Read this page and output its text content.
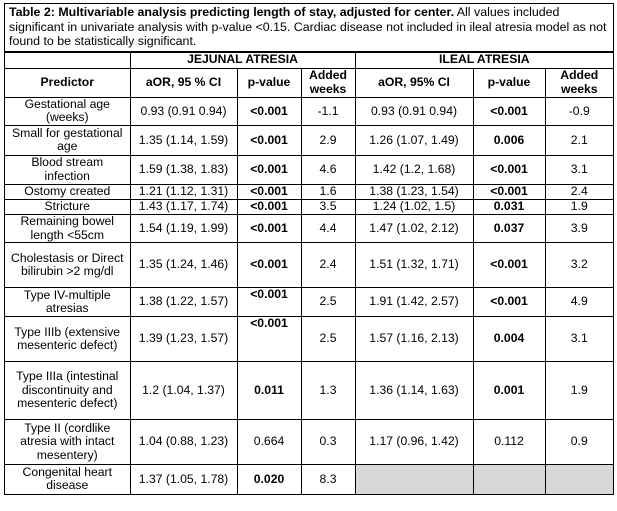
Table 2: Multivariable analysis predicting length of stay, adjusted for center. All values included significant in univariate analysis with p-value <0.15. Cardiac disease not included in ileal atresia model as not found to be statistically significant.
	JEJUNAL ATRESIA			ILEAL ATRESIA		
Predictor	aOR, 95 % CI	p-value	Added weeks	aOR, 95% CI	p-value	Added weeks
Gestational age (weeks)	0.93 (0.91 0.94)	<0.001	-1.1	0.93 (0.91 0.94)	<0.001	-0.9
Small for gestational age	1.35 (1.14, 1.59)	<0.001	2.9	1.26 (1.07, 1.49)	0.006	2.1
Blood stream infection	1.59 (1.38, 1.83)	<0.001	4.6	1.42 (1.2, 1.68)	<0.001	3.1
Ostomy created	1.21 (1.12, 1.31)	<0.001	1.6	1.38 (1.23, 1.54)	<0.001	2.4
Stricture	1.43 (1.17, 1.74)	<0.001	3.5	1.24 (1.02, 1.5)	0.031	1.9
Remaining bowel length <55cm	1.54 (1.19, 1.99)	<0.001	4.4	1.47 (1.02, 2.12)	0.037	3.9
Cholestasis or Direct bilirubin >2 mg/dl	1.35 (1.24, 1.46)	<0.001	2.4	1.51 (1.32, 1.71)	<0.001	3.2
Type IV-multiple atresias	1.38 (1.22, 1.57)	<0.001	2.5	1.91 (1.42, 2.57)	<0.001	4.9
Type IIIb (extensive mesenteric defect)	1.39 (1.23, 1.57)	<0.001	2.5	1.57 (1.16, 2.13)	0.004	3.1
Type IIIa (intestinal discontinuity and mesenteric defect)	1.2 (1.04, 1.37)	0.011	1.3	1.36 (1.14, 1.63)	0.001	1.9
Type II (cordlike atresia with intact mesentery)	1.04 (0.88, 1.23)	0.664	0.3	1.17 (0.96, 1.42)	0.112	0.9
Congenital heart disease	1.37 (1.05, 1.78)	0.020	8.3			
